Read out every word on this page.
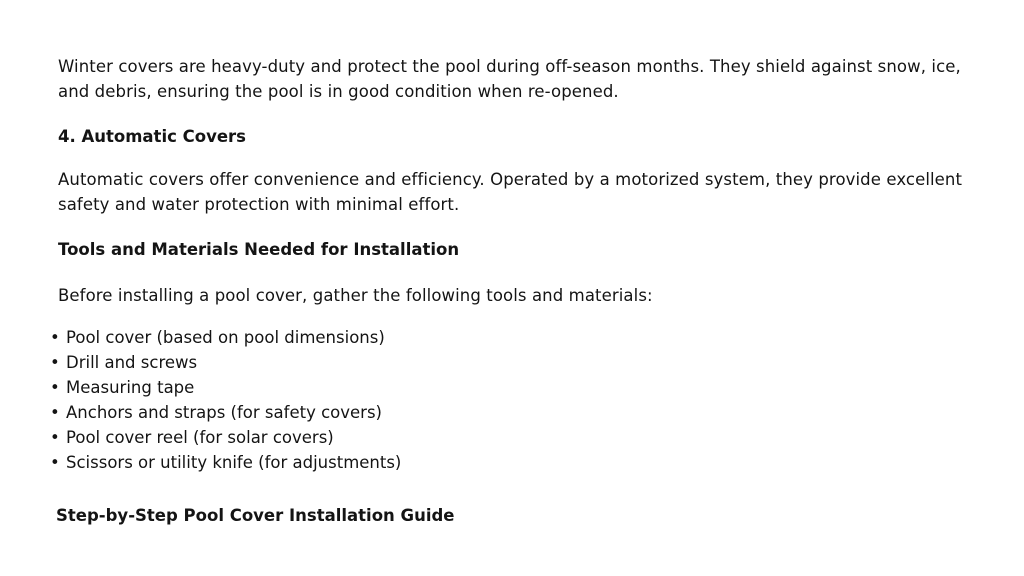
Winter covers are heavy-duty and protect the pool during off-season months. They shield against snow, ice, and debris, ensuring the pool is in good condition when re-opened.

4. Automatic Covers

Automatic covers offer convenience and efficiency. Operated by a motorized system, they provide excellent safety and water protection with minimal effort.

Tools and Materials Needed for Installation

Before installing a pool cover, gather the following tools and materials:

• Pool cover (based on pool dimensions)
• Drill and screws
• Measuring tape
• Anchors and straps (for safety covers)
• Pool cover reel (for solar covers)
• Scissors or utility knife (for adjustments)
Step-by-Step Pool Cover Installation Guide
